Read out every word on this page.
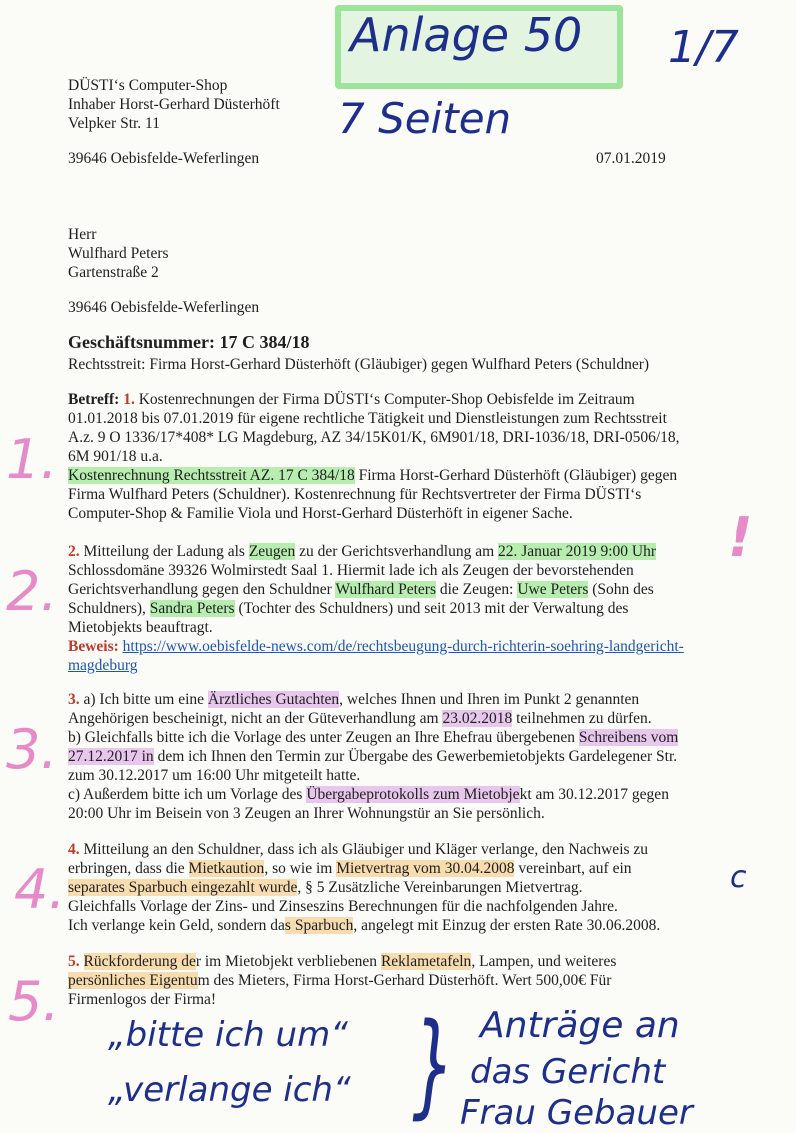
Anlage 50 1/7
7 Seiten
DÜSTI‘s Computer-Shop
Inhaber Horst-Gerhard Düsterhöft
Velpker Str. 11
39646 Oebisfelde-Weferlingen	07.01.2019
Herr
Wulfhard Peters
Gartenstraße 2
39646 Oebisfelde-Weferlingen
Geschäftsnummer: 17 C 384/18
Rechtsstreit: Firma Horst-Gerhard Düsterhöft (Gläubiger) gegen Wulfhard Peters (Schuldner)
Betreff: 1. Kostenrechnungen der Firma DÜSTI‘s Computer-Shop Oebisfelde im Zeitraum
01.01.2018 bis 07.01.2019 für eigene rechtliche Tätigkeit und Dienstleistungen zum Rechtsstreit
A.z. 9 O 1336/17*408* LG Magdeburg, AZ 34/15K01/K, 6M901/18, DRI-1036/18, DRI-0506/18,
6M 901/18 u.a.
Kostenrechnung Rechtsstreit AZ. 17 C 384/18 Firma Horst-Gerhard Düsterhöft (Gläubiger) gegen
Firma Wulfhard Peters (Schuldner). Kostenrechnung für Rechtsvertreter der Firma DÜSTI‘s
Computer-Shop & Familie Viola und Horst-Gerhard Düsterhöft in eigener Sache.
1.
2. Mitteilung der Ladung als Zeugen zu der Gerichtsverhandlung am 22. Januar 2019 9:00 Uhr
Schlossdomäne 39326 Wolmirstedt Saal 1. Hiermit lade ich als Zeugen der bevorstehenden
Gerichtsverhandlung gegen den Schuldner Wulfhard Peters die Zeugen: Uwe Peters (Sohn des
Schuldners), Sandra Peters (Tochter des Schuldners) und seit 2013 mit der Verwaltung des
Mietobjekts beauftragt.
Beweis: https://www.oebisfelde-news.com/de/rechtsbeugung-durch-richterin-soehring-landgericht-
magdeburg
2.
!
3. a) Ich bitte um eine Ärztliches Gutachten, welches Ihnen und Ihren im Punkt 2 genannten
Angehörigen bescheinigt, nicht an der Güteverhandlung am 23.02.2018 teilnehmen zu dürfen.
b) Gleichfalls bitte ich die Vorlage des unter Zeugen an Ihre Ehefrau übergebenen Schreibens vom
27.12.2017 in dem ich Ihnen den Termin zur Übergabe des Gewerbemietobjekts Gardelegener Str.
zum 30.12.2017 um 16:00 Uhr mitgeteilt hatte.
c) Außerdem bitte ich um Vorlage des Übergabeprotokolls zum Mietobjekt am 30.12.2017 gegen
20:00 Uhr im Beisein von 3 Zeugen an Ihrer Wohnungstür an Sie persönlich.
3.
4. Mitteilung an den Schuldner, dass ich als Gläubiger und Kläger verlange, den Nachweis zu
erbringen, dass die Mietkaution, so wie im Mietvertrag vom 30.04.2008 vereinbart, auf ein
separates Sparbuch eingezahlt wurde, § 5 Zusätzliche Vereinbarungen Mietvertrag.
Gleichfalls Vorlage der Zins- und Zinseszins Berechnungen für die nachfolgenden Jahre.
Ich verlange kein Geld, sondern das Sparbuch, angelegt mit Einzug der ersten Rate 30.06.2008.
4.	c
5. Rückforderung der im Mietobjekt verbliebenen Reklametafeln, Lampen, und weiteres
persönliches Eigentum des Mieters, Firma Horst-Gerhard Düsterhöft. Wert 500,00€ Für
Firmenlogos der Firma!
5.
„bitte ich um“
„verlange ich“ } Anträge an
das Gericht
Frau Gebauer
